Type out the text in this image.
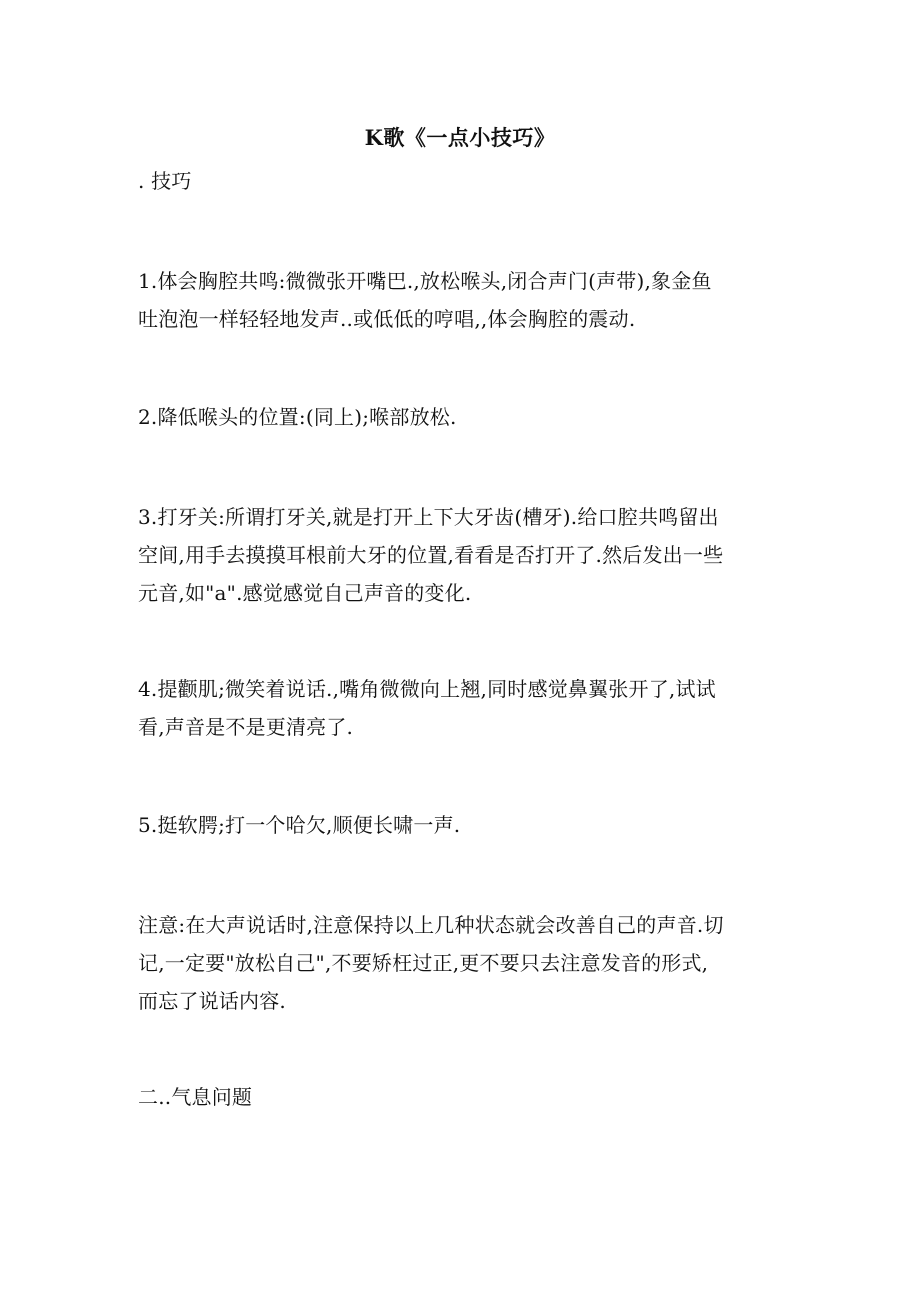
K歌《一点小技巧》
. 技巧
1.体会胸腔共鸣:微微张开嘴巴.,放松喉头,闭合声门(声带),象金鱼
吐泡泡一样轻轻地发声..或低低的哼唱,,体会胸腔的震动.
2.降低喉头的位置:(同上);喉部放松.
3.打牙关:所谓打牙关,就是打开上下大牙齿(槽牙).给口腔共鸣留出
空间,用手去摸摸耳根前大牙的位置,看看是否打开了.然后发出一些
元音,如"a".感觉感觉自己声音的变化.
4.提颧肌;微笑着说话.,嘴角微微向上翘,同时感觉鼻翼张开了,试试
看,声音是不是更清亮了.
5.挺软腭;打一个哈欠,顺便长啸一声.
注意:在大声说话时,注意保持以上几种状态就会改善自己的声音.切
记,一定要"放松自己",不要矫枉过正,更不要只去注意发音的形式,
而忘了说话内容.
二..气息问题
